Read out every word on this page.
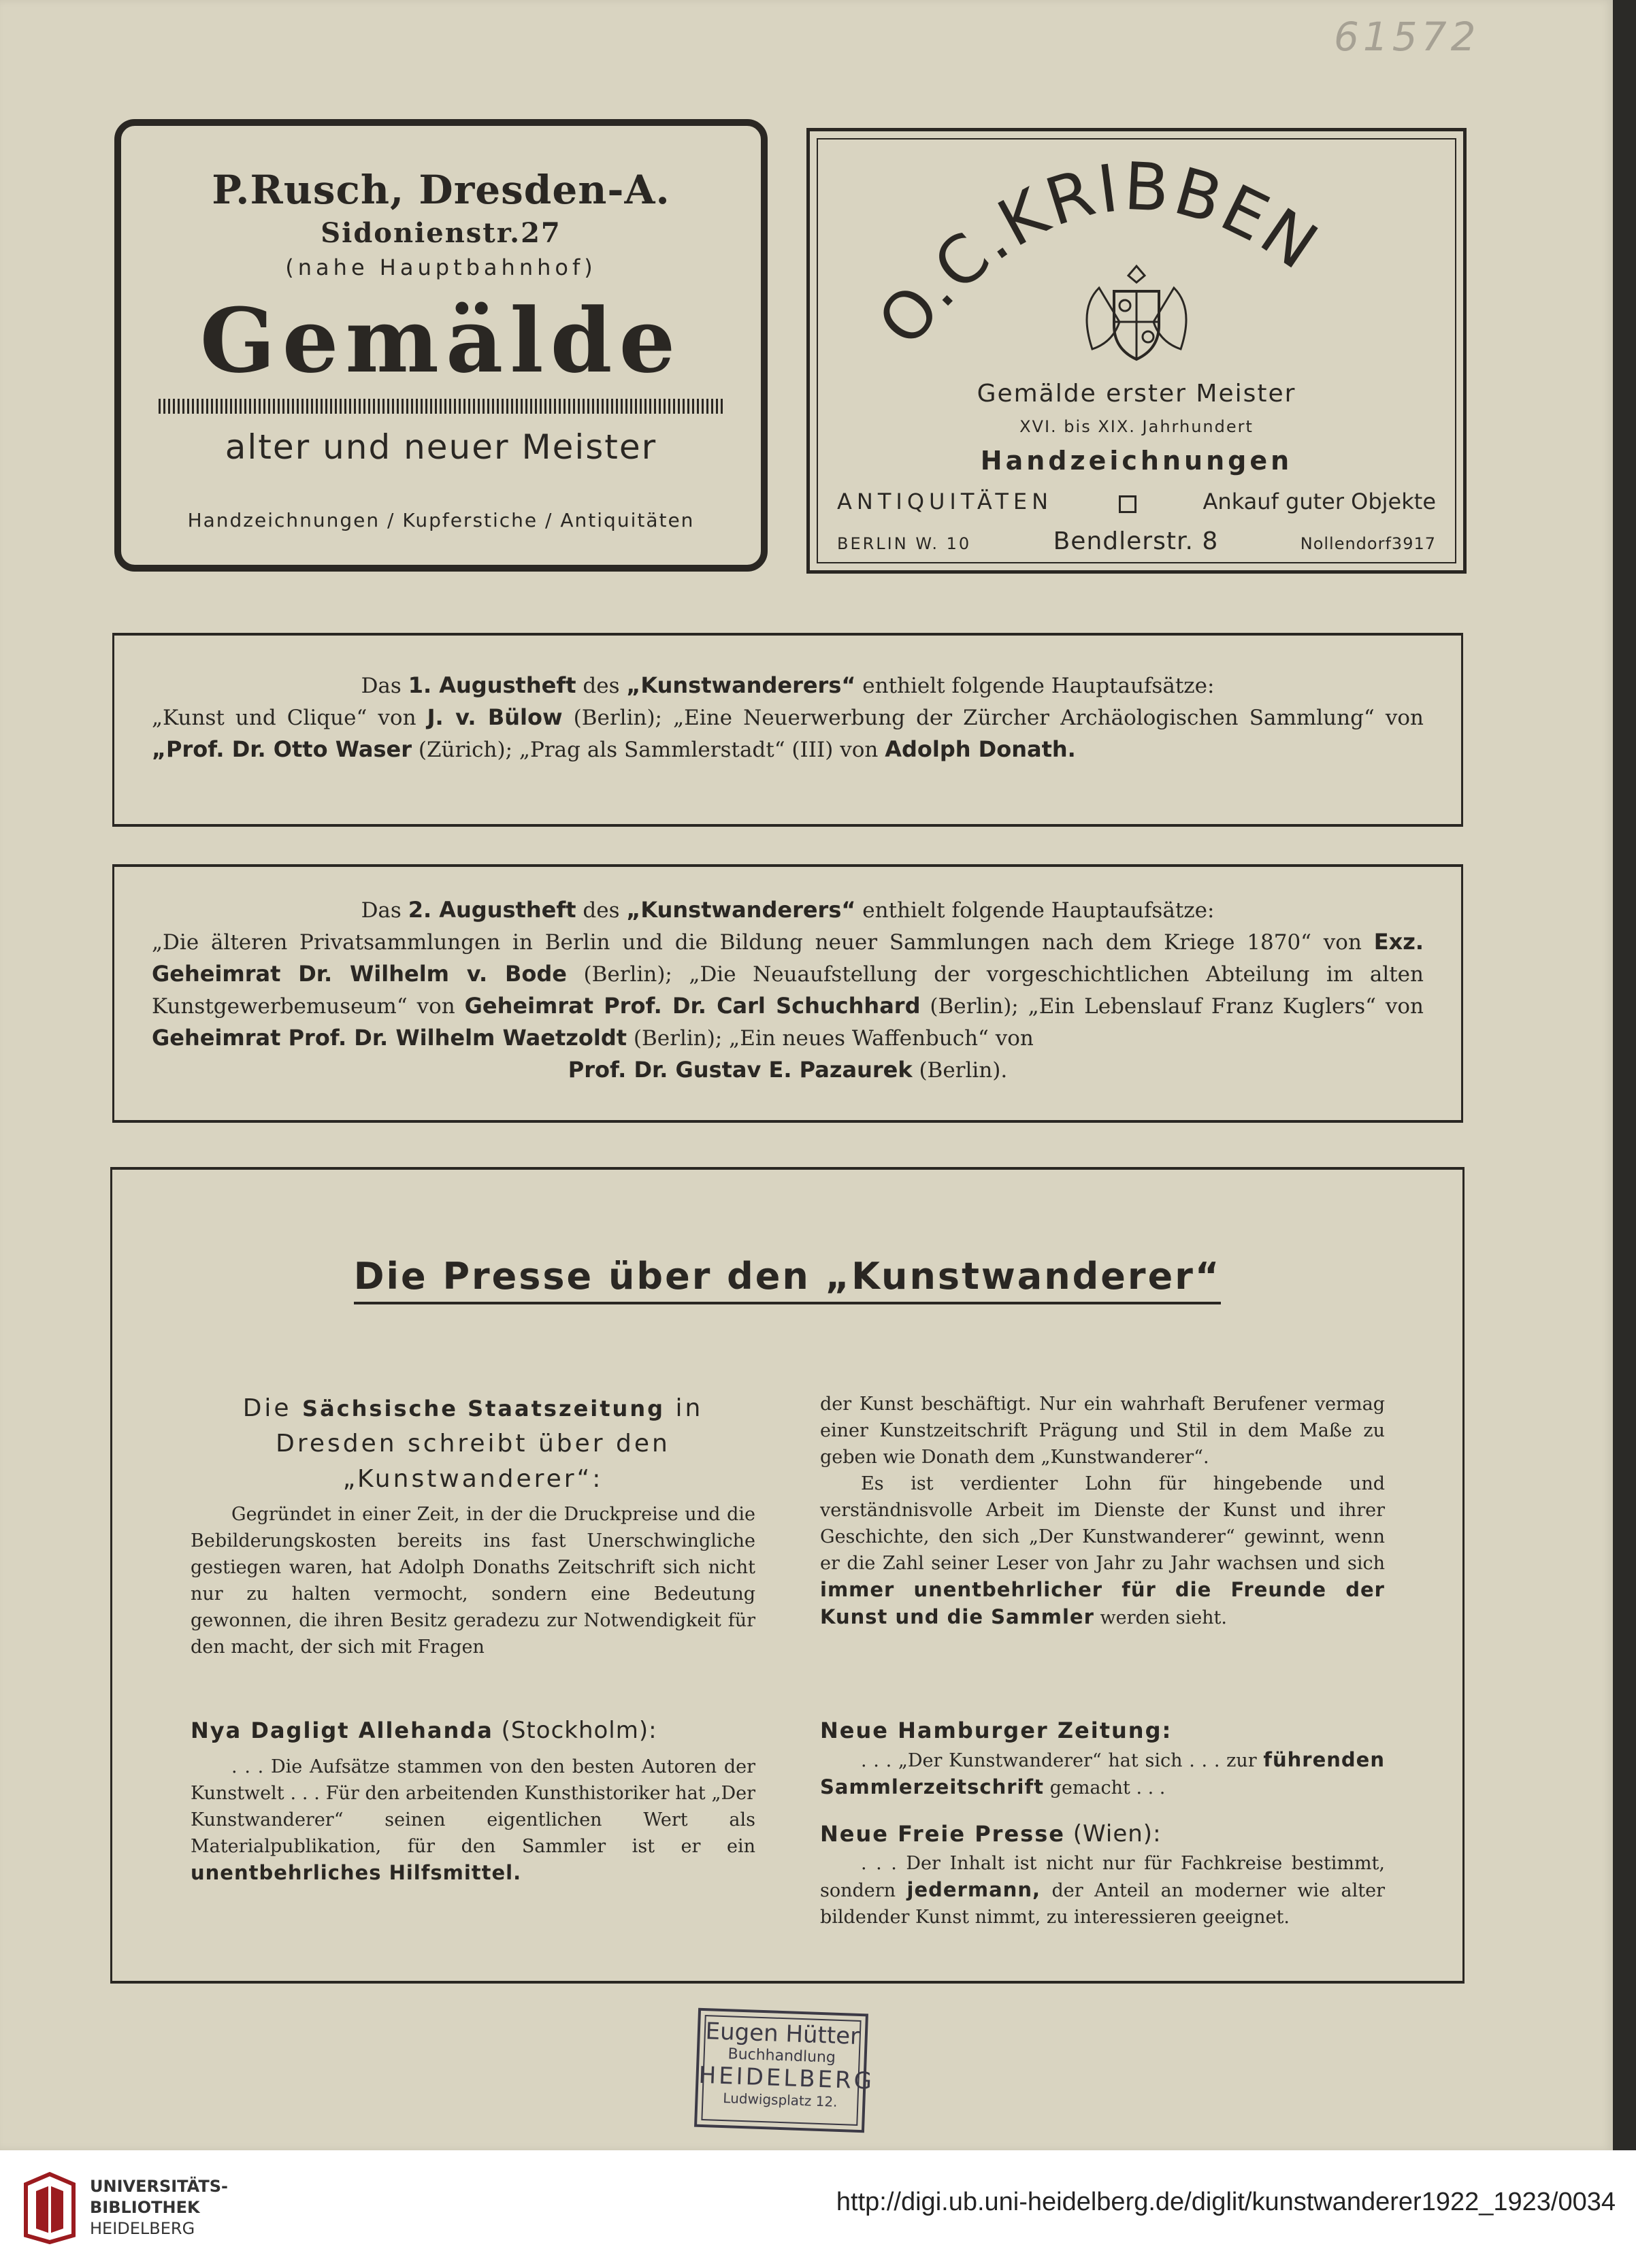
61572
P.Rusch, Dresden-A.
Sidonienstr.27
(nahe Hauptbahnhof)
Gemälde
alter und neuer Meister
Handzeichnungen / Kupferstiche / Antiquitäten
O.C.KRIBBEN
Gemälde erster Meister
XVI. bis XIX. Jahrhundert
Handzeichnungen
ANTIQUITÄTEN	Ankauf guter Objekte
BERLIN W. 10	Bendlerstr. 8	Nollendorf3917
Das 1. Augustheft des „Kunstwanderers“ enthielt folgende Hauptaufsätze:
„Kunst und Clique“ von J. v. Bülow (Berlin); „Eine Neuerwerbung der Zürcher Archäologischen Sammlung“ von „Prof. Dr. Otto Waser (Zürich); „Prag als Sammlerstadt“ (III) von Adolph Donath.
Das 2. Augustheft des „Kunstwanderers“ enthielt folgende Hauptaufsätze:
„Die älteren Privatsammlungen in Berlin und die Bildung neuer Sammlungen nach dem Kriege 1870“ von Exz. Geheimrat Dr. Wilhelm v. Bode (Berlin); „Die Neuaufstellung der vorgeschichtlichen Abteilung im alten Kunstgewerbemuseum“ von Geheimrat Prof. Dr. Carl Schuchhard (Berlin); „Ein Lebenslauf Franz Kuglers“ von Geheimrat Prof. Dr. Wilhelm Waetzoldt (Berlin); „Ein neues Waffenbuch“ von
Prof. Dr. Gustav E. Pazaurek (Berlin).
Die Presse über den „Kunstwanderer“
Die Sächsische Staatszeitung in Dresden schreibt über den „Kunstwanderer“:

Gegründet in einer Zeit, in der die Druckpreise und die Bebilderungskosten bereits ins fast Unerschwingliche gestiegen waren, hat Adolph Donaths Zeitschrift sich nicht nur zu halten vermocht, sondern eine Bedeutung gewonnen, die ihren Besitz geradezu zur Notwendigkeit für den macht, der sich mit Fragen

der Kunst beschäftigt. Nur ein wahrhaft Berufener vermag einer Kunstzeitschrift Prägung und Stil in dem Maße zu geben wie Donath dem „Kunstwanderer“.

Es ist verdienter Lohn für hingebende und verständnisvolle Arbeit im Dienste der Kunst und ihrer Geschichte, den sich „Der Kunstwanderer“ gewinnt, wenn er die Zahl seiner Leser von Jahr zu Jahr wachsen und sich immer unentbehrlicher für die Freunde der Kunst und die Sammler werden sieht.

Nya Dagligt Allehanda (Stockholm):

. . . Die Aufsätze stammen von den besten Autoren der Kunstwelt . . . Für den arbeitenden Kunsthistoriker hat „Der Kunstwanderer“ seinen eigentlichen Wert als Materialpublikation, für den Sammler ist er ein unentbehrliches Hilfsmittel.

Neue Hamburger Zeitung:

. . . „Der Kunstwanderer“ hat sich . . . zur führenden Sammlerzeitschrift gemacht . . .

Neue Freie Presse (Wien):

. . . Der Inhalt ist nicht nur für Fachkreise bestimmt, sondern jedermann, der Anteil an moderner wie alter bildender Kunst nimmt, zu interessieren geeignet.

Eugen Hütter
Buchhandlung
HEIDELBERG
Ludwigsplatz 12.
UNIVERSITÄTS-
BIBLIOTHEK
HEIDELBERG
http://digi.ub.uni-heidelberg.de/diglit/kunstwanderer1922_1923/0034
